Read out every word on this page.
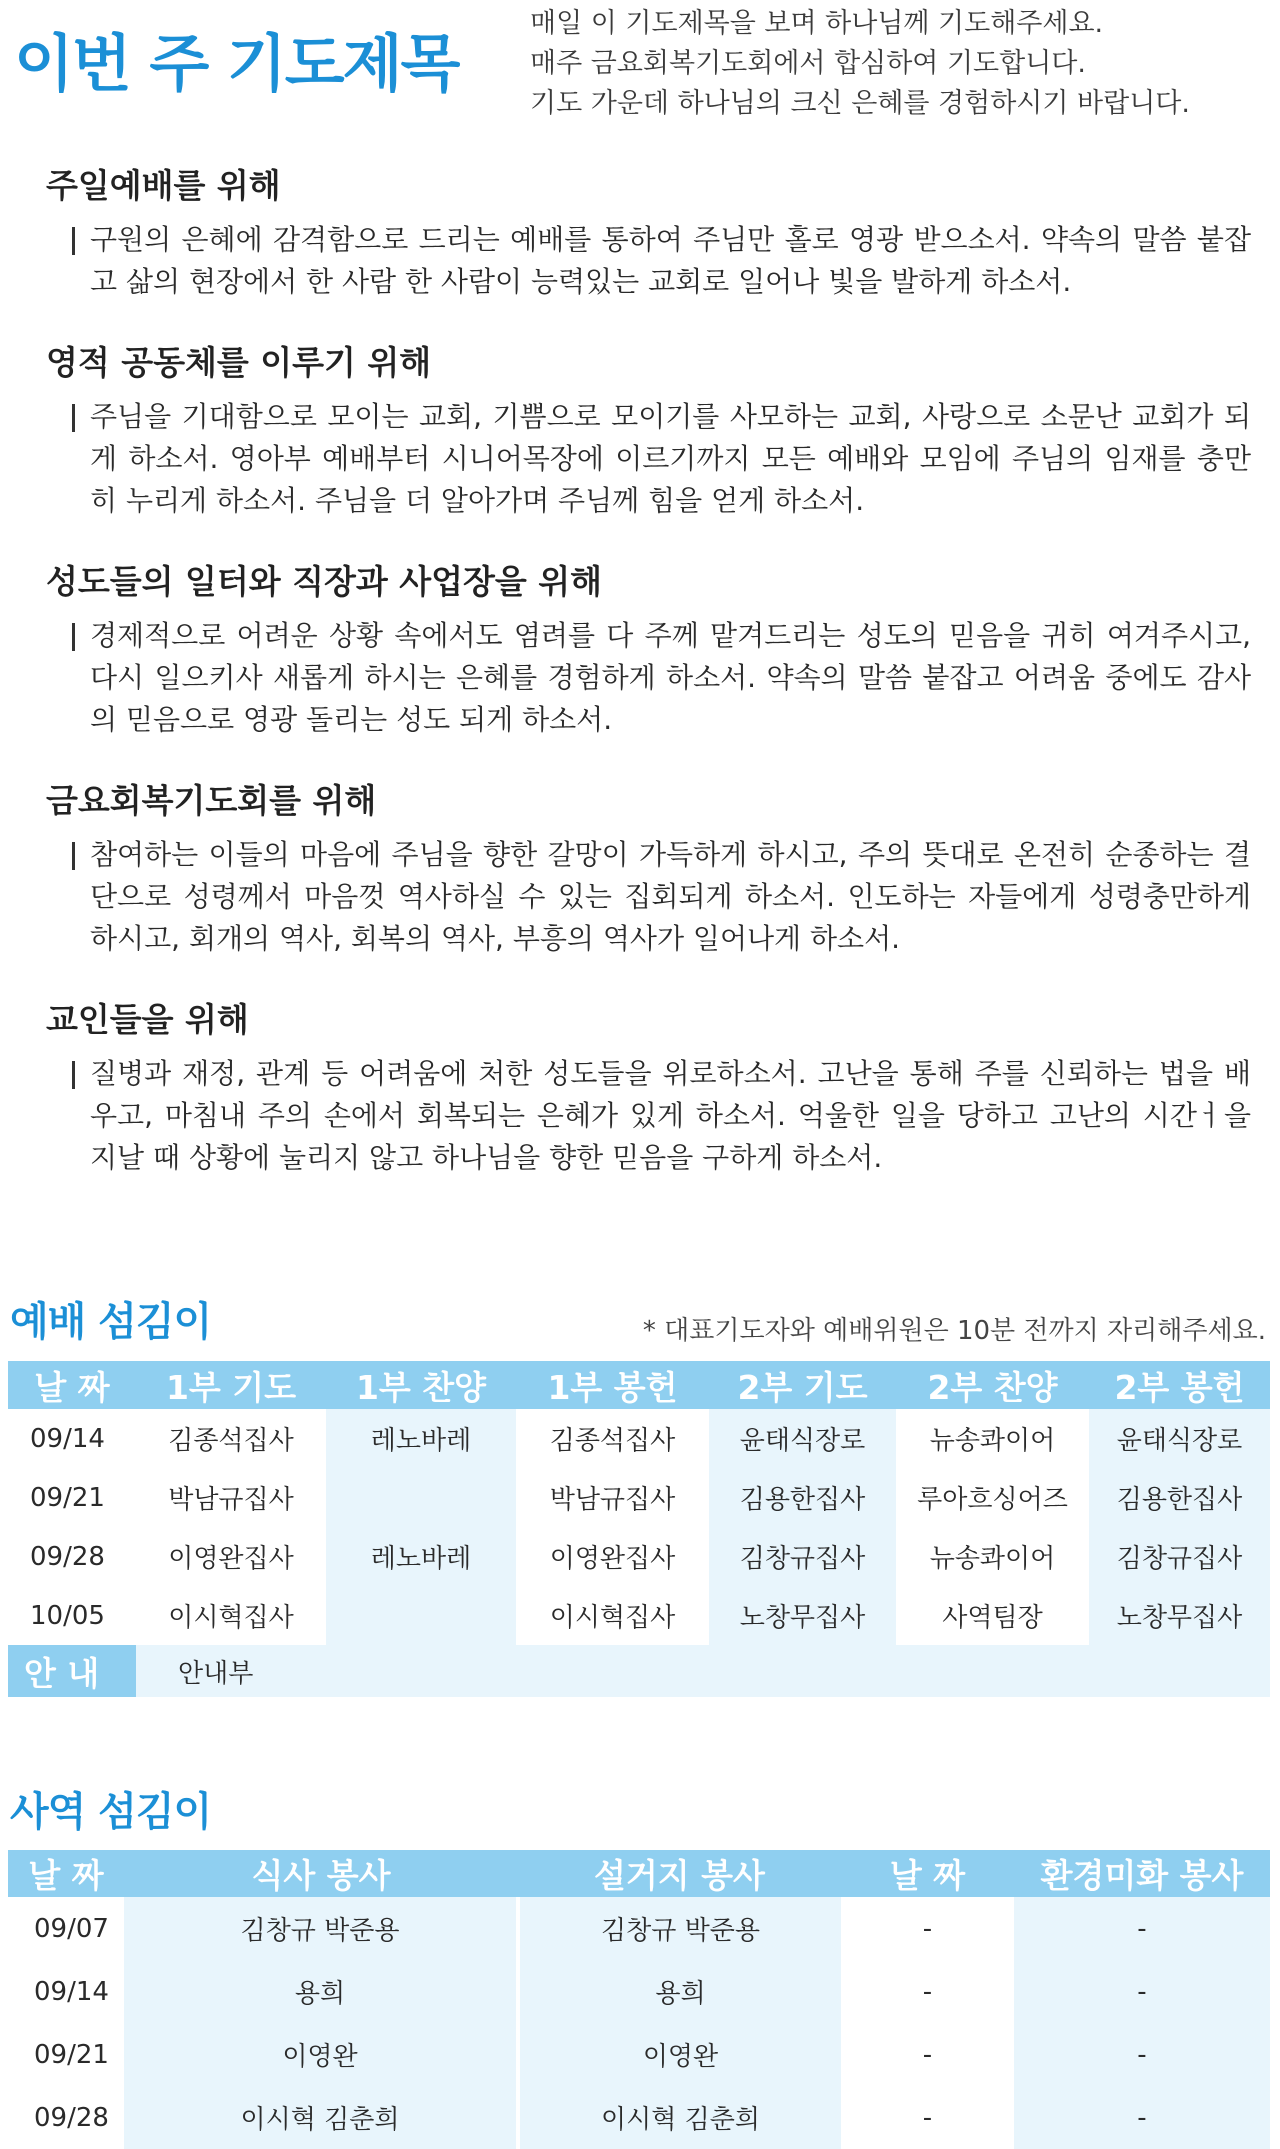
이번 주 기도제목
매일 이 기도제목을 보며 하나님께 기도해주세요.
매주 금요회복기도회에서 합심하여 기도합니다.
기도 가운데 하나님의 크신 은혜를 경험하시기 바랍니다.
주일예배를 위해

구원의 은혜에 감격함으로 드리는 예배를 통하여 주님만 홀로 영광 받으소서. 약속의 말씀 붙잡고 삶의 현장에서 한 사람 한 사람이 능력있는 교회로 일어나 빛을 발하게 하소서.

영적 공동체를 이루기 위해

주님을 기대함으로 모이는 교회, 기쁨으로 모이기를 사모하는 교회, 사랑으로 소문난 교회가 되게 하소서. 영아부 예배부터 시니어목장에 이르기까지 모든 예배와 모임에 주님의 임재를 충만히 누리게 하소서. 주님을 더 알아가며 주님께 힘을 얻게 하소서.

성도들의 일터와 직장과 사업장을 위해

경제적으로 어려운 상황 속에서도 염려를 다 주께 맡겨드리는 성도의 믿음을 귀히 여겨주시고, 다시 일으키사 새롭게 하시는 은혜를 경험하게 하소서. 약속의 말씀 붙잡고 어려움 중에도 감사의 믿음으로 영광 돌리는 성도 되게 하소서.

금요회복기도회를 위해

참여하는 이들의 마음에 주님을 향한 갈망이 가득하게 하시고, 주의 뜻대로 온전히 순종하는 결단으로 성령께서 마음껏 역사하실 수 있는 집회되게 하소서. 인도하는 자들에게 성령충만하게 하시고, 회개의 역사, 회복의 역사, 부흥의 역사가 일어나게 하소서.

교인들을 위해

질병과 재정, 관계 등 어려움에 처한 성도들을 위로하소서. 고난을 통해 주를 신뢰하는 법을 배우고, 마침내 주의 손에서 회복되는 은혜가 있게 하소서. 억울한 일을 당하고 고난의 시간ㅓ을 지날 때 상황에 눌리지 않고 하나님을 향한 믿음을 구하게 하소서.

예배 섬김이	* 대표기도자와 예배위원은 10분 전까지 자리해주세요.
날 짜	1부 기도	1부 찬양	1부 봉헌	2부 기도	2부 찬양	2부 봉헌
09/14	김종석집사	레노바레	김종석집사	윤태식장로	뉴송콰이어	윤태식장로
09/21	박남규집사		박남규집사	김용한집사	루아흐싱어즈	김용한집사
09/28	이영완집사	레노바레	이영완집사	김창규집사	뉴송콰이어	김창규집사
10/05	이시혁집사		이시혁집사	노창무집사	사역팀장	노창무집사
안 내	안내부					
사역 섬김이
날 짜	식사 봉사	설거지 봉사	날 짜	환경미화 봉사
09/07	김창규 박준용	김창규 박준용	-	-
09/14	용희	용희	-	-
09/21	이영완	이영완	-	-
09/28	이시혁 김춘희	이시혁 김춘희	-	-
